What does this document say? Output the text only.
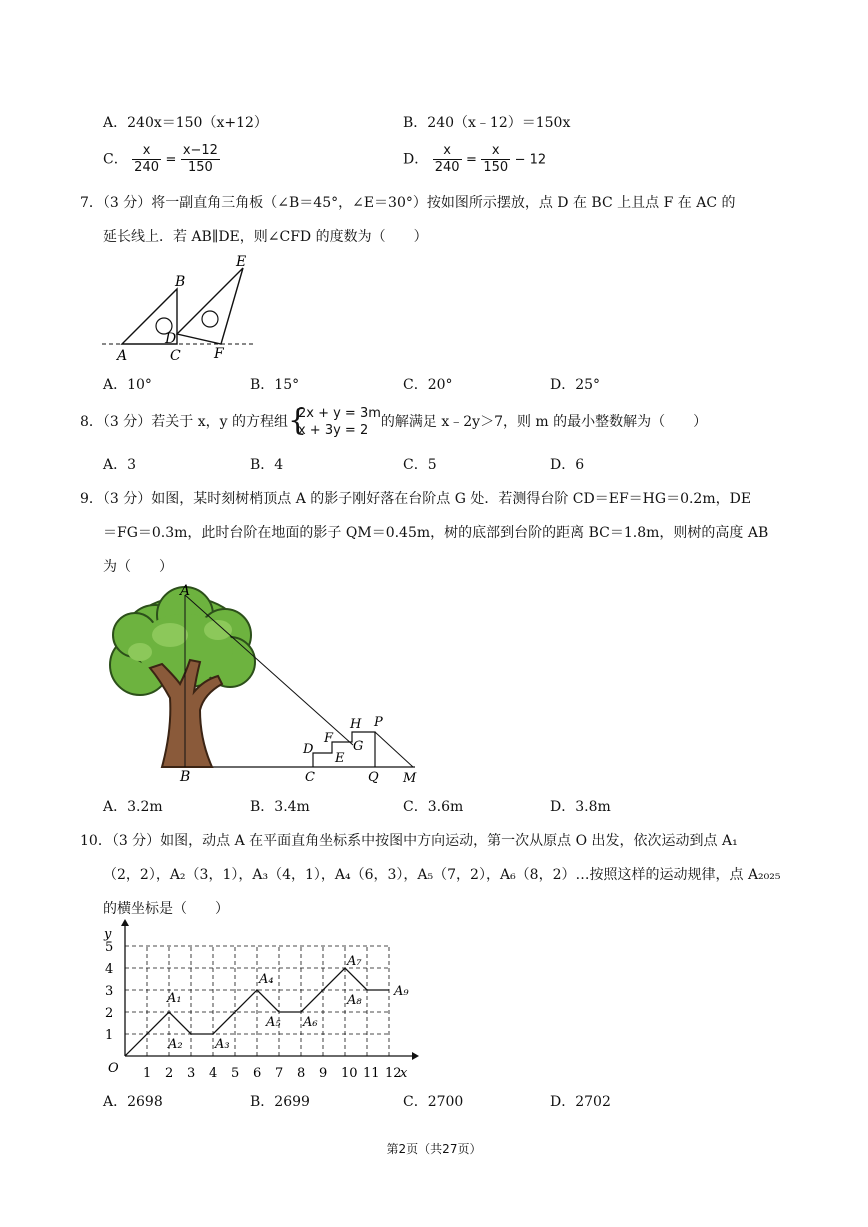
A．240x＝150（x+12）	B．240（x﹣12）＝150x
C． $\frac{x}{240} = \frac{x-12}{150}$	D． $\frac{x}{240} = \frac{x}{150} - 12$
7．（3 分）将一副直角三角板（∠B＝45°，∠E＝30°）按如图所示摆放，点 D 在 BC 上且点 F 在 AC 的
延长线上．若 AB∥DE，则∠CFD 的度数为（　　）
B
E
D
A	C F
A．10°	B．15°	C．20°	D．25°
8．（3 分）若关于 x，y 的方程组 {
2x + y = 3m
x + 3y = 2
的解满足 x﹣2y＞7，则 m 的最小整数解为（　　）
A．3	B．4	C．5	D．6
9．（3 分）如图，某时刻树梢顶点 A 的影子刚好落在台阶点 G 处．若测得台阶 CD＝EF＝HG＝0.2m，DE
＝FG＝0.3m，此时台阶在地面的影子 QM＝0.45m，树的底部到台阶的距离 BC＝1.8m，则树的高度 AB
为（　　）
A
B
D
C
F
E
H
G
P
Q M
A．3.2m	B．3.4m	C．3.6m	D．3.8m
10．（3 分）如图，动点 A 在平面直角坐标系中按图中方向运动，第一次从原点 O 出发，依次运动到点 A₁
（2，2），A₂（3，1），A₃（4，1），A₄（6，3），A₅（7，2），A₆（8，2）…按照这样的运动规律，点 A₂₀₂₅
的横坐标是（　　）
1 2 3 4 5 6 7 8 9 10 11 12
1
2
3
4
5
O	x
y
A₁
A₂ A₃
A₄
A₅ A₆
A₇
A₈
A₉
A．2698	B．2699	C．2700	D．2702
第2页（共27页）
